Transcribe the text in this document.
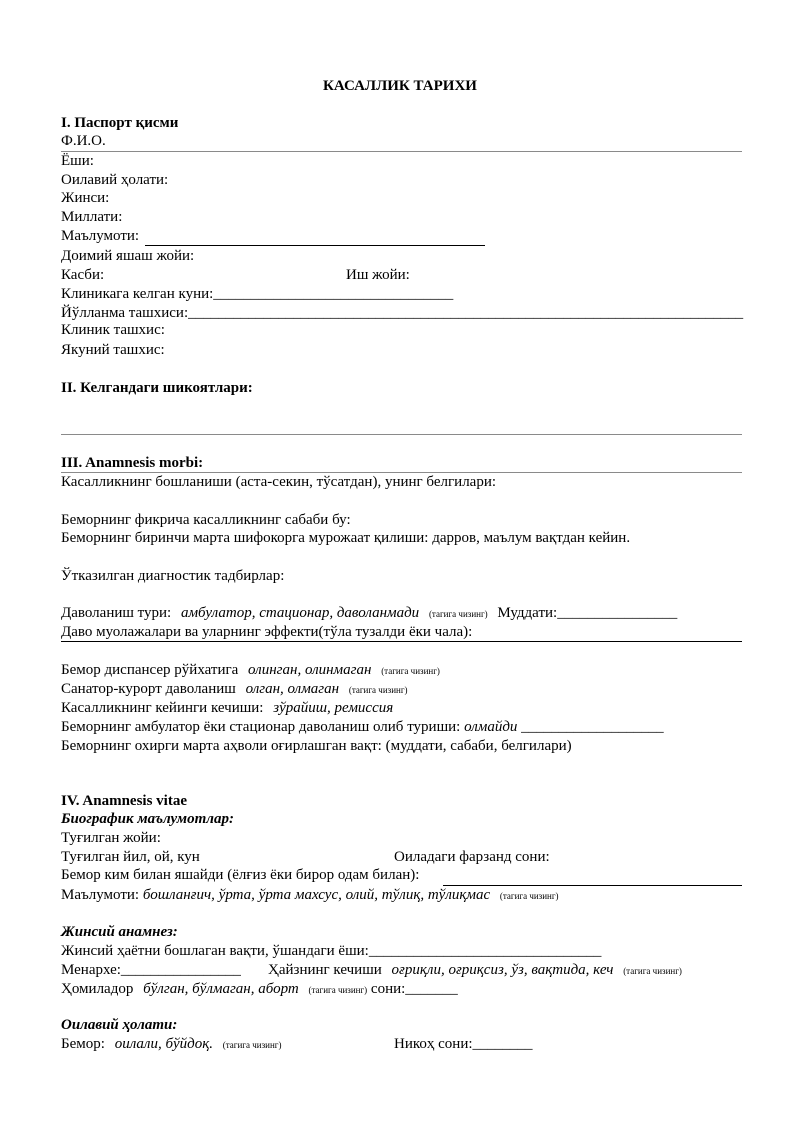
КАСАЛЛИК ТАРИХИ
I. Паспорт қисми
Ф.И.О.
Ёши:
Оилавий ҳолати:
Жинси:
Миллати:
Маълумоти:
Доимий яшаш жойи:
Касби:	Иш жойи:
Клиникага келган куни:________________________________
Йўлланма ташхиси:__________________________________________________________________________
Клиник ташхис:
Якуний ташхис:
II. Келгандаги шикоятлари:
III. Anamnesis morbi:
Касалликнинг бошланиши (аста-секин, тўсатдан), унинг белгилари:
Беморнинг фикрича касалликнинг сабаби бу:
Беморнинг биринчи марта шифокорга мурожаат қилиши: дарров, маълум вақтдан кейин.
Ўтказилган диагностик тадбирлар:
Даволаниш тури: амбулатор, стационар, даволанмади (тагига чизинг) Муддати:________________
Даво муолажалари ва уларнинг эффекти(тўла тузалди ёки чала):
Бемор диспансер рўйхатига олинган, олинмаган (тагига чизинг)
Санатор-курорт даволаниш олган, олмаган (тагига чизинг)
Касалликнинг кейинги кечиши: зўрайиш, ремиссия
Беморнинг амбулатор ёки стационар даволаниш олиб туриши: олмайди ___________________
Беморнинг охирги марта аҳволи оғирлашган вақт: (муддати, сабаби, белгилари)
IV. Anamnesis vitae
Биографик маълумотлар:
Туғилган жойи:
Туғилган йил, ой, кун	Оиладаги фарзанд сони:
Бемор ким билан яшайди (ёлғиз ёки бирор одам билан):
Маълумоти: бошланғич, ўрта, ўрта махсус, олий, тўлиқ, тўлиқмас (тагига чизинг)
Жинсий анамнез:
Жинсий ҳаётни бошлаган вақти, ўшандаги ёши:_______________________________
Менархе:________________ Ҳайзнинг кечиши оғриқли, оғриқсиз, ўз, вақтида, кеч (тагига чизинг)
Ҳомиладор бўлган, бўлмаган, аборт (тагига чизинг) сони:_______
Оилавий ҳолати:
Бемор: оилали, бўйдоқ. (тагига чизинг)	Никоҳ сони:________
